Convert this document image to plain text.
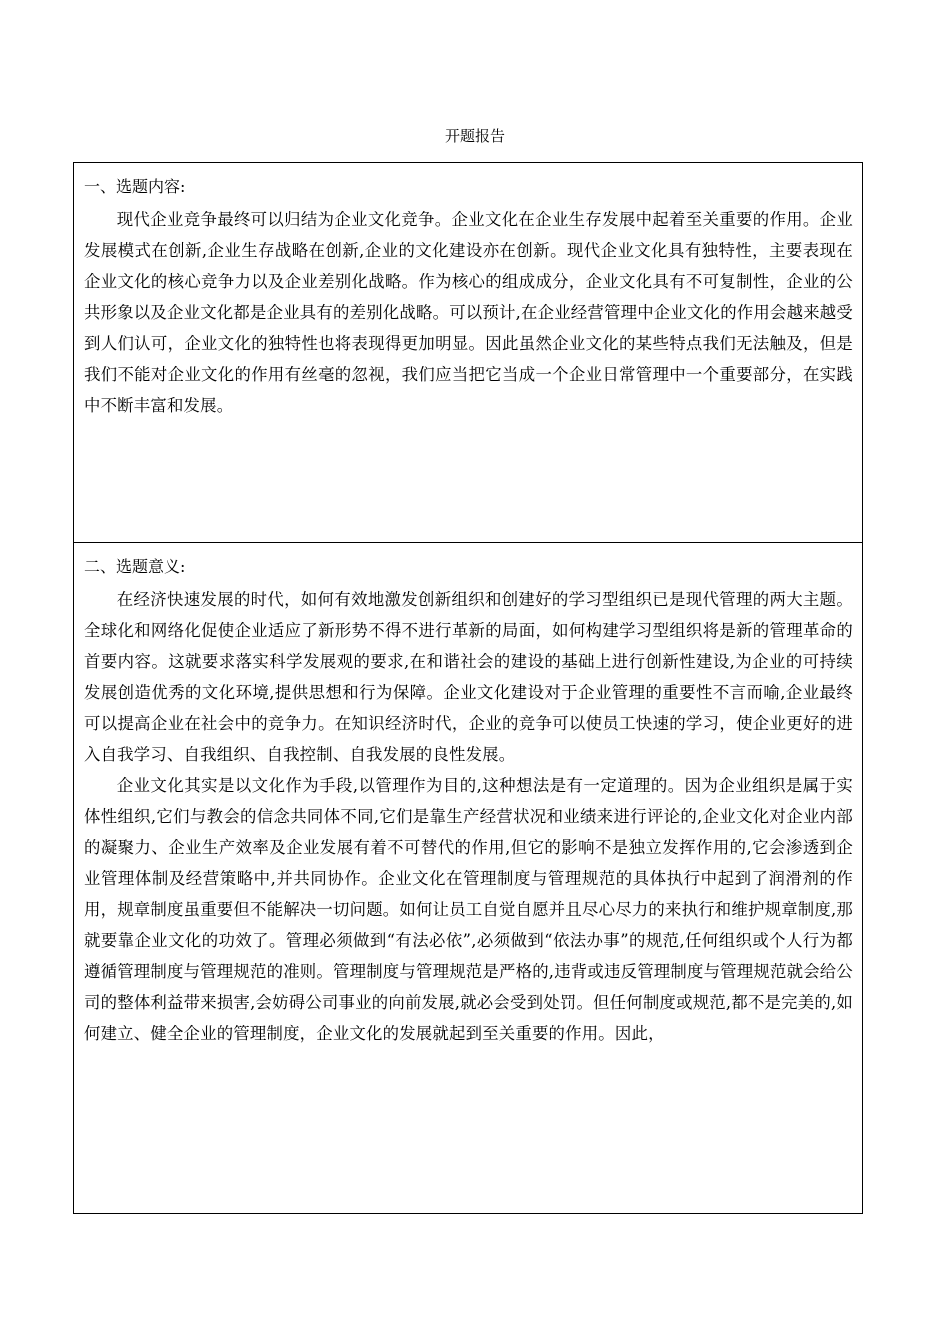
开题报告
一、选题内容:

现代企业竞争最终可以归结为企业文化竞争。企业文化在企业生存发展中起着至关重要的作用。企业发展模式在创新,企业生存战略在创新,企业的文化建设亦在创新。现代企业文化具有独特性，主要表现在企业文化的核心竞争力以及企业差别化战略。作为核心的组成成分，企业文化具有不可复制性，企业的公共形象以及企业文化都是企业具有的差别化战略。可以预计,在企业经营管理中企业文化的作用会越来越受到人们认可，企业文化的独特性也将表现得更加明显。因此虽然企业文化的某些特点我们无法触及，但是我们不能对企业文化的作用有丝毫的忽视，我们应当把它当成一个企业日常管理中一个重要部分，在实践中不断丰富和发展。

二、选题意义:

在经济快速发展的时代，如何有效地激发创新组织和创建好的学习型组织已是现代管理的两大主题。全球化和网络化促使企业适应了新形势不得不进行革新的局面，如何构建学习型组织将是新的管理革命的首要内容。这就要求落实科学发展观的要求,在和谐社会的建设的基础上进行创新性建设,为企业的可持续发展创造优秀的文化环境,提供思想和行为保障。企业文化建设对于企业管理的重要性不言而喻,企业最终可以提高企业在社会中的竞争力。在知识经济时代，企业的竞争可以使员工快速的学习，使企业更好的进入自我学习、自我组织、自我控制、自我发展的良性发展。

企业文化其实是以文化作为手段,以管理作为目的,这种想法是有一定道理的。因为企业组织是属于实体性组织,它们与教会的信念共同体不同,它们是靠生产经营状况和业绩来进行评论的,企业文化对企业内部的凝聚力、企业生产效率及企业发展有着不可替代的作用,但它的影响不是独立发挥作用的,它会渗透到企业管理体制及经营策略中,并共同协作。企业文化在管理制度与管理规范的具体执行中起到了润滑剂的作用，规章制度虽重要但不能解决一切问题。如何让员工自觉自愿并且尽心尽力的来执行和维护规章制度,那就要靠企业文化的功效了。管理必须做到“有法必依”,必须做到“依法办事”的规范,任何组织或个人行为都遵循管理制度与管理规范的准则。管理制度与管理规范是严格的,违背或违反管理制度与管理规范就会给公司的整体利益带来损害,会妨碍公司事业的向前发展,就必会受到处罚。但任何制度或规范,都不是完美的,如何建立、健全企业的管理制度，企业文化的发展就起到至关重要的作用。因此，
